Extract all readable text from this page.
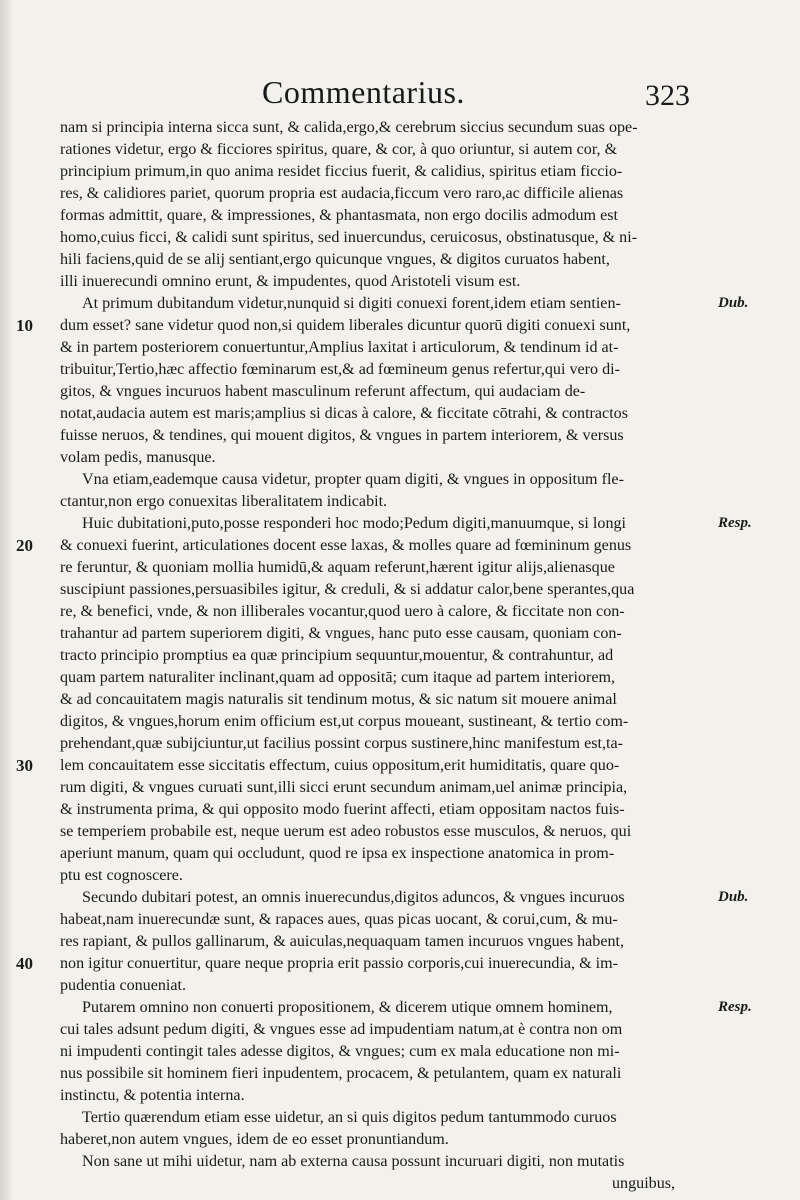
Commentarius.	323
nam si principia interna sicca sunt, & calida,ergo,& cerebrum siccius secundum suas ope-
rationes videtur, ergo & ficciores spiritus, quare, & cor, à quo oriuntur, si autem cor, &
principium primum,in quo anima residet ficcius fuerit, & calidius, spiritus etiam ficcio-
res, & calidiores pariet, quorum propria est audacia,ficcum vero raro,ac difficile alienas
formas admittit, quare, & impressiones, & phantasmata, non ergo docilis admodum est
homo,cuius ficci, & calidi sunt spiritus, sed inuercundus, ceruicosus, obstinatusque, & ni-
hili faciens,quid de se alij sentiant,ergo quicunque vngues, & digitos curuatos habent,
illi inuerecundi omnino erunt, & impudentes, quod Aristoteli visum est.
At primum dubitandum videtur,nunquid si digiti conuexi forent,idem etiam sentien-
dum esset? sane videtur quod non,si quidem liberales dicuntur quorū digiti conuexi sunt,
& in partem posteriorem conuertuntur,Amplius laxitat i articulorum, & tendinum id at-
tribuitur,Tertio,hæc affectio fœminarum est,& ad fœmineum genus refertur,qui vero di-
gitos, & vngues incuruos habent masculinum referunt affectum, qui audaciam de-
notat,audacia autem est maris;amplius si dicas à calore, & ficcitate cōtrahi, & contractos
fuisse neruos, & tendines, qui mouent digitos, & vngues in partem interiorem, & versus
volam pedis, manusque.
Vna etiam,eademque causa videtur, propter quam digiti, & vngues in oppositum fle-
ctantur,non ergo conuexitas liberalitatem indicabit.
Huic dubitationi,puto,posse responderi hoc modo;Pedum digiti,manuumque, si longi
& conuexi fuerint, articulationes docent esse laxas, & molles quare ad fœmininum genus
re feruntur, & quoniam mollia humidū,& aquam referunt,hærent igitur alijs,alienasque
suscipiunt passiones,persuasibiles igitur, & creduli, & si addatur calor,bene sperantes,qua
re, & benefici, vnde, & non illiberales vocantur,quod uero à calore, & ficcitate non con-
trahantur ad partem superiorem digiti, & vngues, hanc puto esse causam, quoniam con-
tracto principio promptius ea quæ principium sequuntur,mouentur, & contrahuntur, ad
quam partem naturaliter inclinant,quam ad oppositā; cum itaque ad partem interiorem,
& ad concauitatem magis naturalis sit tendinum motus, & sic natum sit mouere animal
digitos, & vngues,horum enim officium est,ut corpus moueant, sustineant, & tertio com-
prehendant,quæ subijciuntur,ut facilius possint corpus sustinere,hinc manifestum est,ta-
lem concauitatem esse siccitatis effectum, cuius oppositum,erit humiditatis, quare quo-
rum digiti, & vngues curuati sunt,illi sicci erunt secundum animam,uel animæ principia,
& instrumenta prima, & qui opposito modo fuerint affecti, etiam oppositam nactos fuis-
se temperiem probabile est, neque uerum est adeo robustos esse musculos, & neruos, qui
aperiunt manum, quam qui occludunt, quod re ipsa ex inspectione anatomica in prom-
ptu est cognoscere.
Secundo dubitari potest, an omnis inuerecundus,digitos aduncos, & vngues incuruos
habeat,nam inuerecundæ sunt, & rapaces aues, quas picas uocant, & corui,cum, & mu-
res rapiant, & pullos gallinarum, & auiculas,nequaquam tamen incuruos vngues habent,
non igitur conuertitur, quare neque propria erit passio corporis,cui inuerecundia, & im-
pudentia conueniat.
Putarem omnino non conuerti propositionem, & dicerem utique omnem hominem,
cui tales adsunt pedum digiti, & vngues esse ad impudentiam natum,at è contra non om
ni impudenti contingit tales adesse digitos, & vngues; cum ex mala educatione non mi-
nus possibile sit hominem fieri inpudentem, procacem, & petulantem, quam ex naturali
instinctu, & potentia interna.
Tertio quærendum etiam esse uidetur, an si quis digitos pedum tantummodo curuos
haberet,non autem vngues, idem de eo esset pronuntiandum.
Non sane ut mihi uidetur, nam ab externa causa possunt incuruari digiti, non mutatis
unguibus,
10
20
30
40
Dub.
Resp.
Dub.
Resp.
